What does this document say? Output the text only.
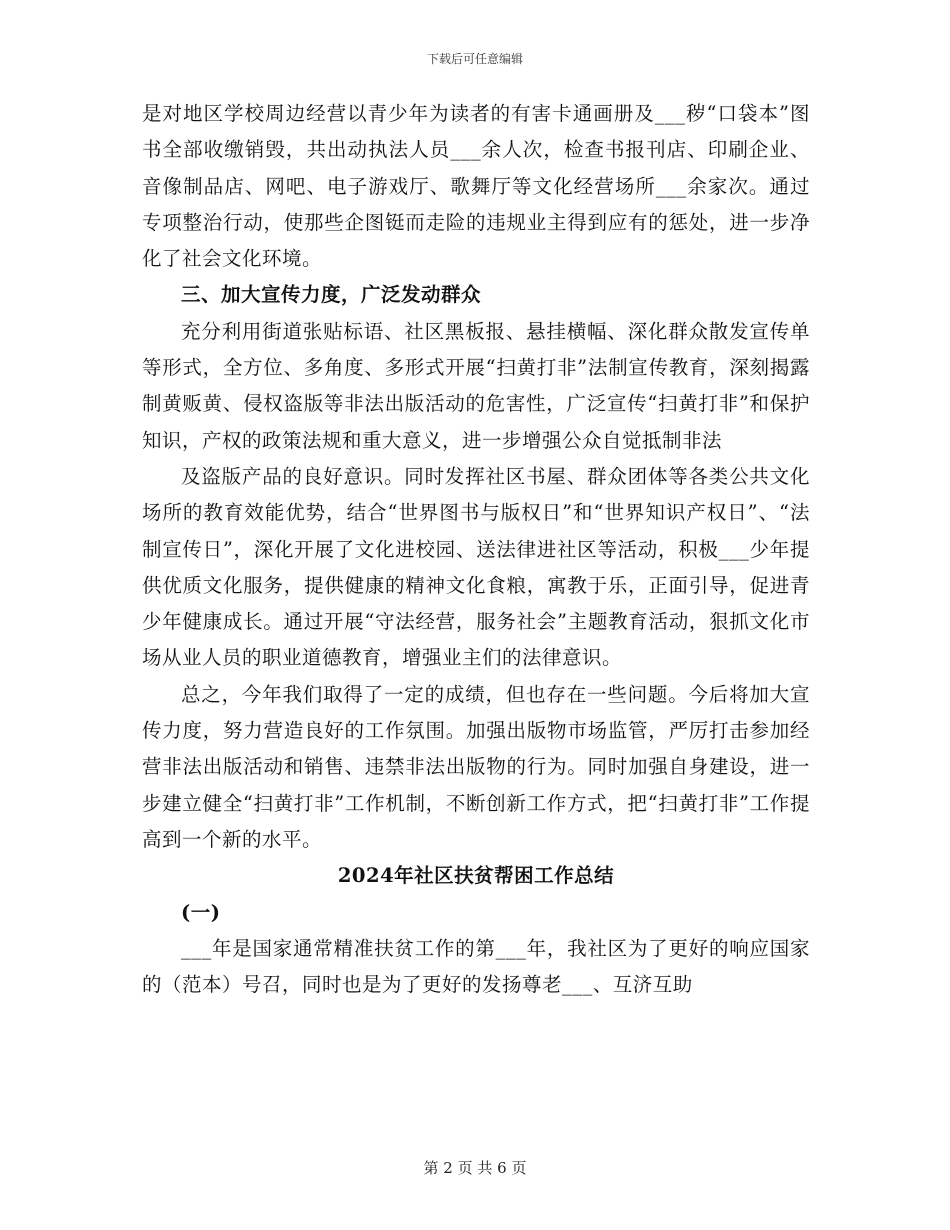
下载后可任意编辑

是对地区学校周边经营以青少年为读者的有害卡通画册及___秽“口袋本”图书全部收缴销毁，共出动执法人员___余人次，检查书报刊店、印刷企业、音像制品店、网吧、电子游戏厅、歌舞厅等文化经营场所___余家次。通过专项整治行动，使那些企图铤而走险的违规业主得到应有的惩处，进一步净化了社会文化环境。

三、加大宣传力度，广泛发动群众

充分利用街道张贴标语、社区黑板报、悬挂横幅、深化群众散发宣传单等形式，全方位、多角度、多形式开展“扫黄打非”法制宣传教育，深刻揭露制黄贩黄、侵权盗版等非法出版活动的危害性，广泛宣传“扫黄打非”和保护知识，产权的政策法规和重大意义，进一步增强公众自觉抵制非法

及盗版产品的良好意识。同时发挥社区书屋、群众团体等各类公共文化场所的教育效能优势，结合“世界图书与版权日”和“世界知识产权日”、“法制宣传日”，深化开展了文化进校园、送法律进社区等活动，积极___少年提供优质文化服务，提供健康的精神文化食粮，寓教于乐，正面引导，促进青少年健康成长。通过开展“守法经营，服务社会”主题教育活动，狠抓文化市场从业人员的职业道德教育，增强业主们的法律意识。

总之，今年我们取得了一定的成绩，但也存在一些问题。今后将加大宣传力度，努力营造良好的工作氛围。加强出版物市场监管，严厉打击参加经营非法出版活动和销售、违禁非法出版物的行为。同时加强自身建设，进一步建立健全“扫黄打非”工作机制，不断创新工作方式，把“扫黄打非”工作提高到一个新的水平。

2024年社区扶贫帮困工作总结

(一)

___年是国家通常精准扶贫工作的第___年，我社区为了更好的响应国家的（范本）号召，同时也是为了更好的发扬尊老___、互济互助

第 2 页 共 6 页
